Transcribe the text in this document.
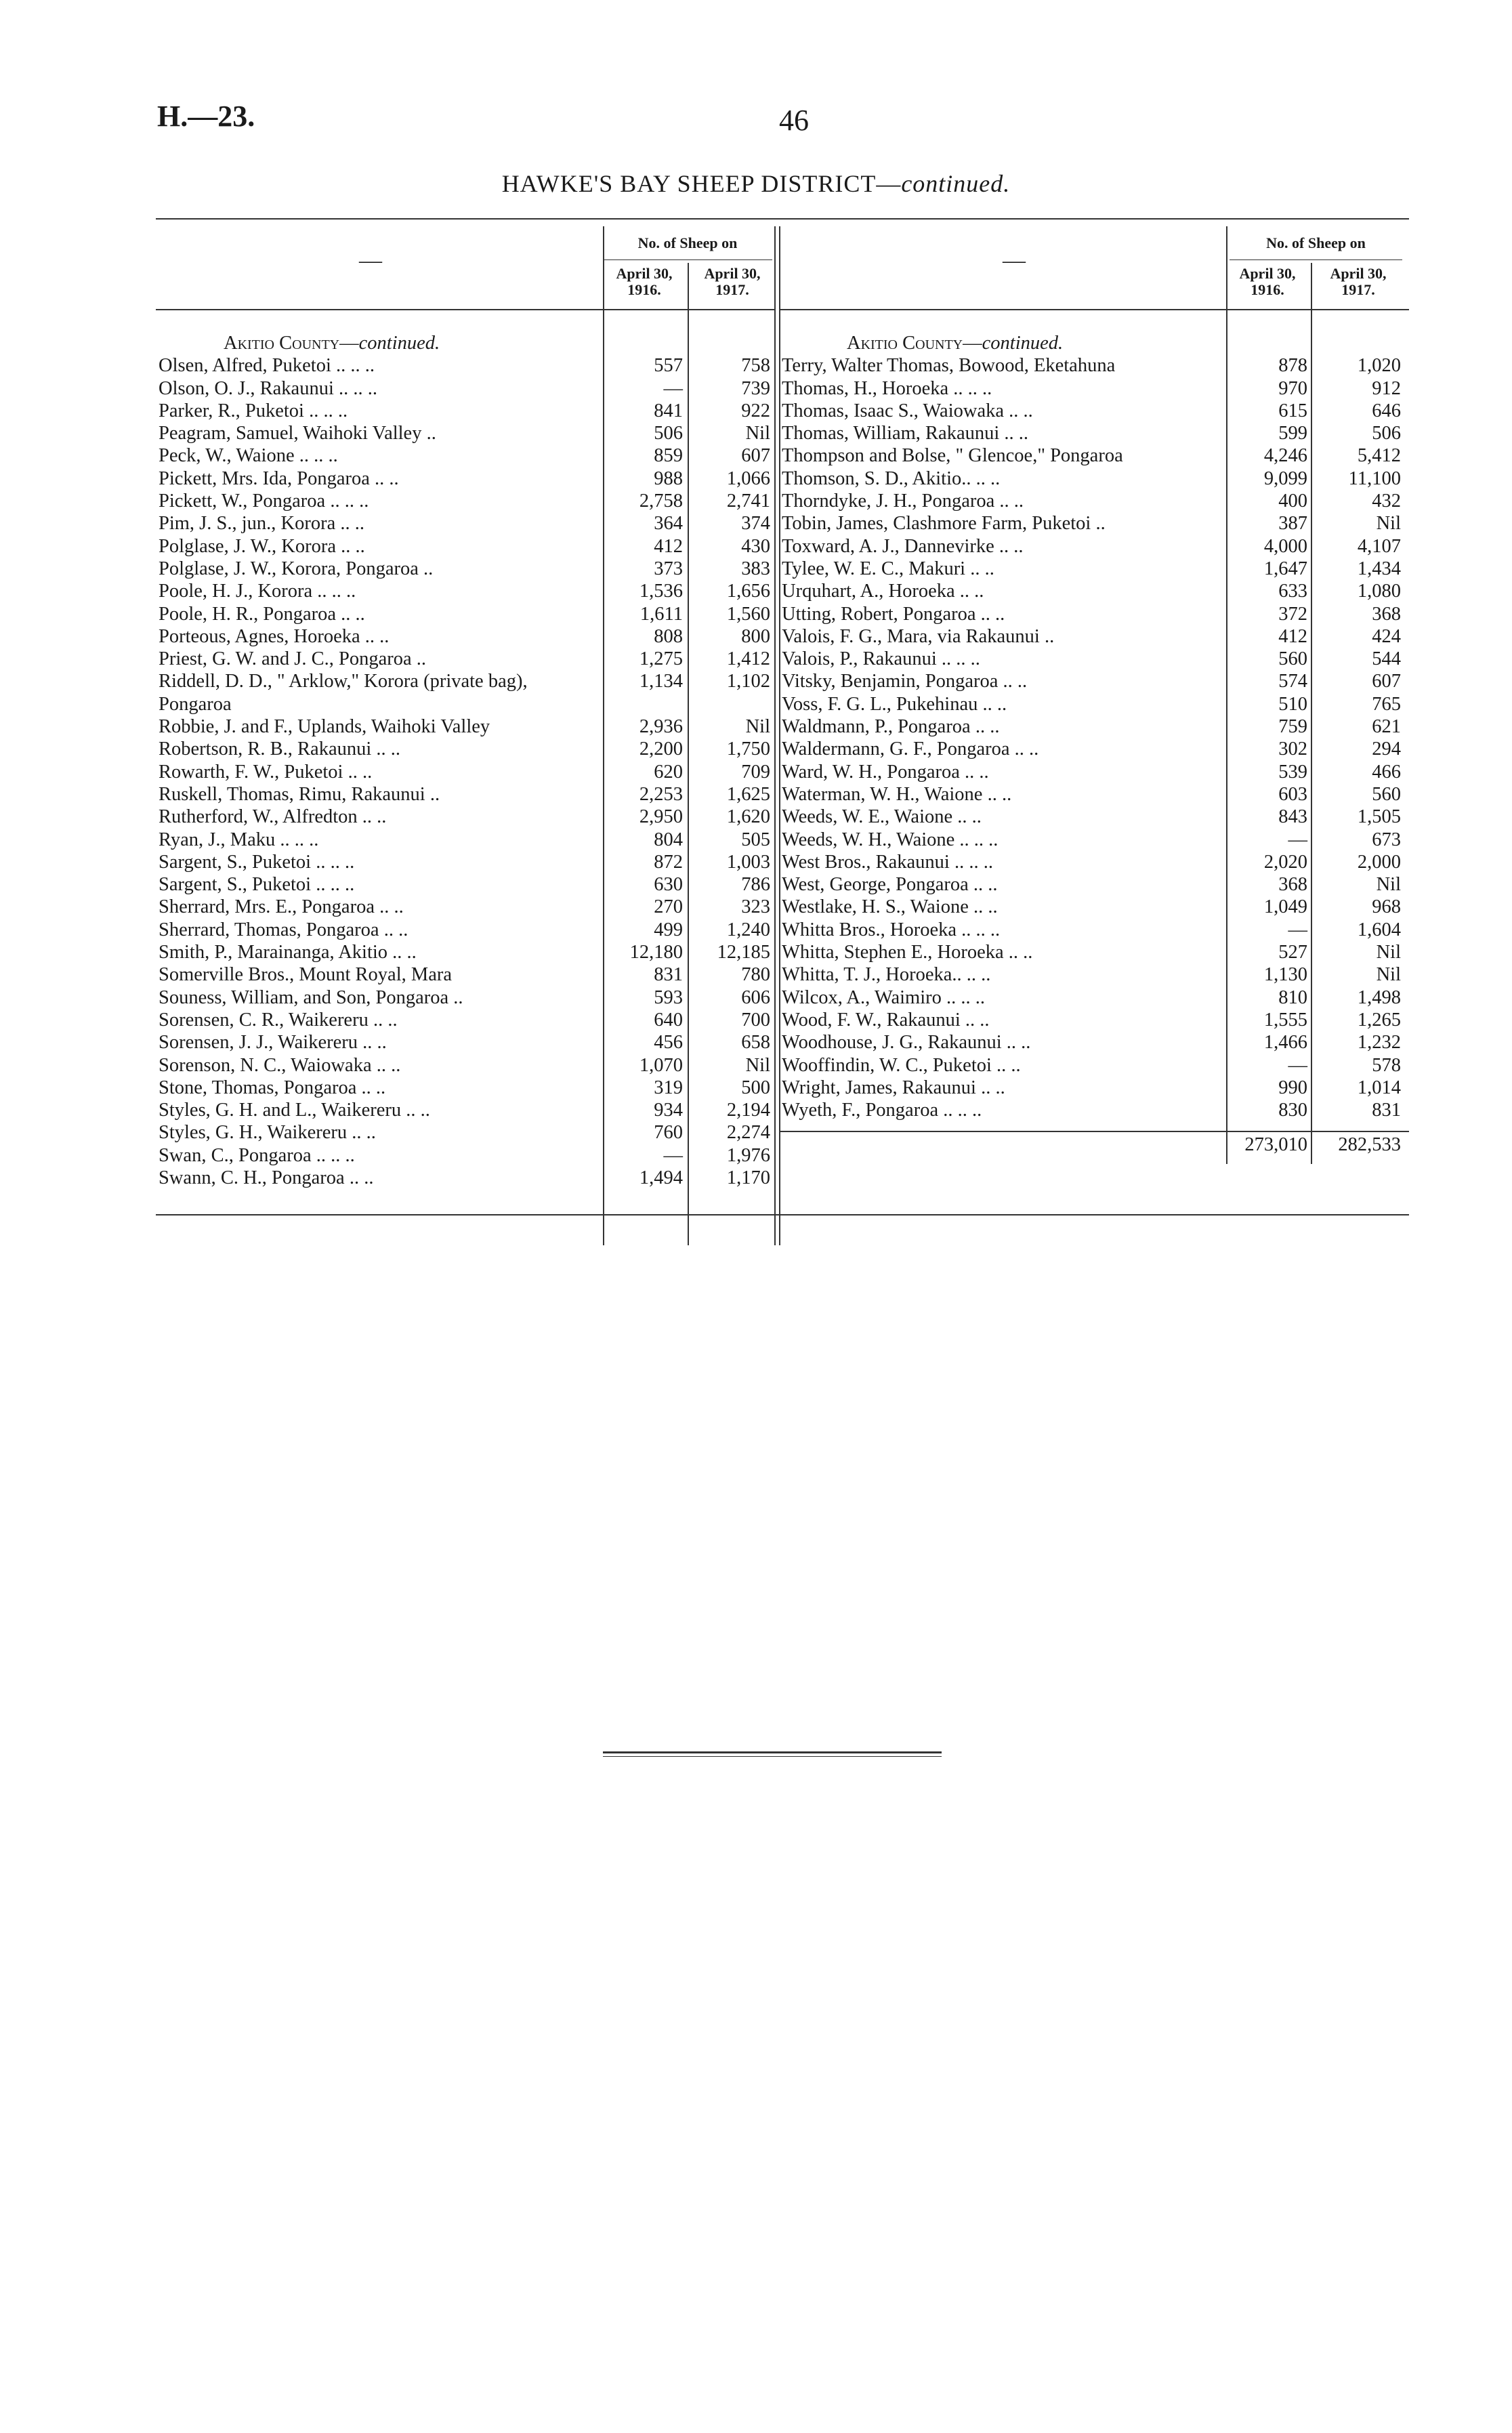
H.—23.	46
HAWKE'S BAY SHEEP DISTRICT—continued.
—
No. of Sheep on
April 30, 1916.
April 30, 1917.
Akitio County—continued.
Olsen, Alfred, Puketoi .. .. ..	557	758
Olson, O. J., Rakaunui .. .. ..	—	739
Parker, R., Puketoi .. .. ..	841	922
Peagram, Samuel, Waihoki Valley ..	506	Nil
Peck, W., Waione .. .. ..	859	607
Pickett, Mrs. Ida, Pongaroa .. ..	988	1,066
Pickett, W., Pongaroa .. .. ..	2,758	2,741
Pim, J. S., jun., Korora .. ..	364	374
Polglase, J. W., Korora .. ..	412	430
Polglase, J. W., Korora, Pongaroa ..	373	383
Poole, H. J., Korora .. .. ..	1,536	1,656
Poole, H. R., Pongaroa .. ..	1,611	1,560
Porteous, Agnes, Horoeka .. ..	808	800
Priest, G. W. and J. C., Pongaroa ..	1,275	1,412
Riddell, D. D., " Arklow," Korora (private bag), Pongaroa
1,134	1,102
Robbie, J. and F., Uplands, Waihoki Valley	2,936	Nil
Robertson, R. B., Rakaunui .. ..	2,200	1,750
Rowarth, F. W., Puketoi .. ..	620	709
Ruskell, Thomas, Rimu, Rakaunui ..	2,253	1,625
Rutherford, W., Alfredton .. ..	2,950	1,620
Ryan, J., Maku .. .. ..	804	505
Sargent, S., Puketoi .. .. ..	872	1,003
Sargent, S., Puketoi .. .. ..	630	786
Sherrard, Mrs. E., Pongaroa .. ..	270	323
Sherrard, Thomas, Pongaroa .. ..	499	1,240
Smith, P., Marainanga, Akitio .. ..	12,180	12,185
Somerville Bros., Mount Royal, Mara	831	780
Souness, William, and Son, Pongaroa ..	593	606
Sorensen, C. R., Waikereru .. ..	640	700
Sorensen, J. J., Waikereru .. ..	456	658
Sorenson, N. C., Waiowaka .. ..	1,070	Nil
Stone, Thomas, Pongaroa .. ..	319	500
Styles, G. H. and L., Waikereru .. ..	934	2,194
Styles, G. H., Waikereru .. ..	760	2,274
Swan, C., Pongaroa .. .. ..	—	1,976
Swann, C. H., Pongaroa .. ..	1,494	1,170
—
No. of Sheep on
April 30, 1916.
April 30, 1917.
Akitio County—continued.
Terry, Walter Thomas, Bowood, Eketahuna	878	1,020
Thomas, H., Horoeka .. .. ..	970	912
Thomas, Isaac S., Waiowaka .. ..	615	646
Thomas, William, Rakaunui .. ..	599	506
Thompson and Bolse, " Glencoe," Pongaroa	4,246	5,412
Thomson, S. D., Akitio.. .. ..	9,099	11,100
Thorndyke, J. H., Pongaroa .. ..	400	432
Tobin, James, Clashmore Farm, Puketoi ..	387	Nil
Toxward, A. J., Dannevirke .. ..	4,000	4,107
Tylee, W. E. C., Makuri .. ..	1,647	1,434
Urquhart, A., Horoeka .. ..	633	1,080
Utting, Robert, Pongaroa .. ..	372	368
Valois, F. G., Mara, via Rakaunui ..	412	424
Valois, P., Rakaunui .. .. ..	560	544
Vitsky, Benjamin, Pongaroa .. ..	574	607
Voss, F. G. L., Pukehinau .. ..	510	765
Waldmann, P., Pongaroa .. ..	759	621
Waldermann, G. F., Pongaroa .. ..	302	294
Ward, W. H., Pongaroa .. ..	539	466
Waterman, W. H., Waione .. ..	603	560
Weeds, W. E., Waione .. ..	843	1,505
Weeds, W. H., Waione .. .. ..	—	673
West Bros., Rakaunui .. .. ..	2,020	2,000
West, George, Pongaroa .. ..	368	Nil
Westlake, H. S., Waione .. ..	1,049	968
Whitta Bros., Horoeka .. .. ..	—	1,604
Whitta, Stephen E., Horoeka .. ..	527	Nil
Whitta, T. J., Horoeka.. .. ..	1,130	Nil
Wilcox, A., Waimiro .. .. ..	810	1,498
Wood, F. W., Rakaunui .. ..	1,555	1,265
Woodhouse, J. G., Rakaunui .. ..	1,466	1,232
Wooffindin, W. C., Puketoi .. ..	—	578
Wright, James, Rakaunui .. ..	990	1,014
Wyeth, F., Pongaroa .. .. ..	830	831
273,010	282,533
